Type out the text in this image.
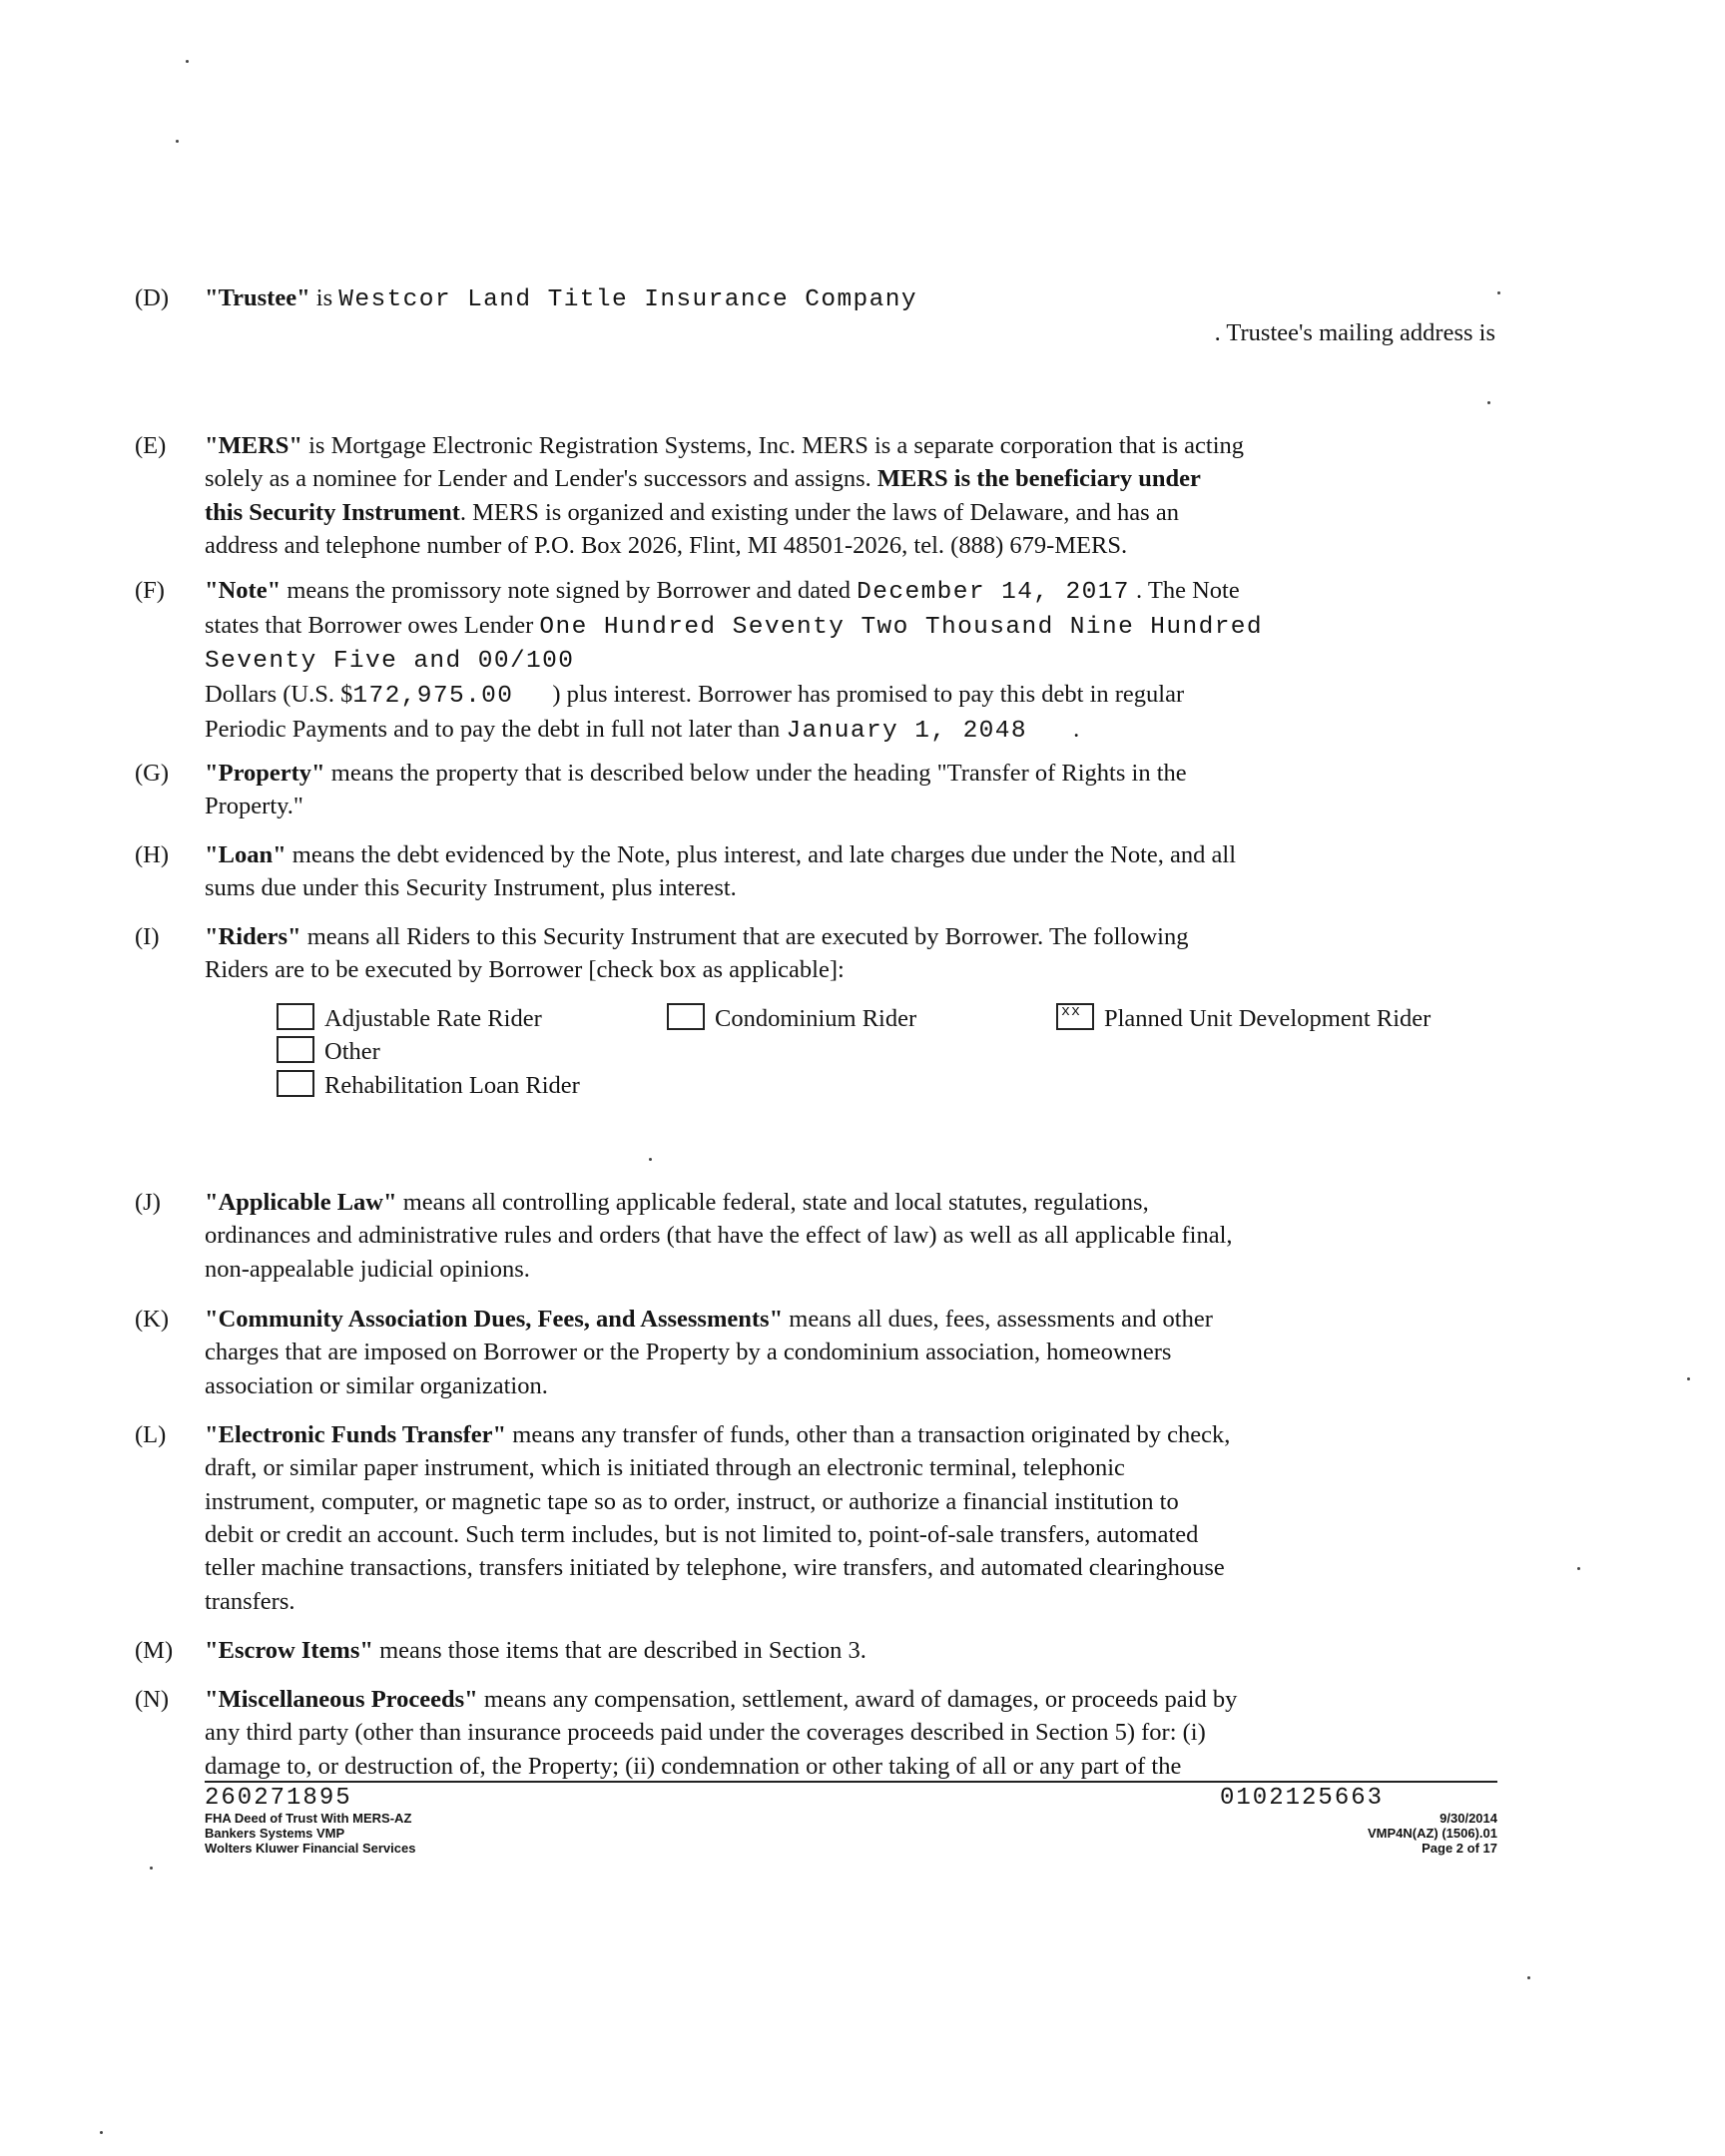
(D) "Trustee" is Westcor Land Title Insurance Company
. Trustee's mailing address is
(E) "MERS" is Mortgage Electronic Registration Systems, Inc. MERS is a separate corporation that is acting
solely as a nominee for Lender and Lender's successors and assigns. MERS is the beneficiary under
this Security Instrument. MERS is organized and existing under the laws of Delaware, and has an
address and telephone number of P.O. Box 2026, Flint, MI 48501-2026, tel. (888) 679-MERS.
(F) "Note" means the promissory note signed by Borrower and dated December 14, 2017 . The Note
states that Borrower owes Lender One Hundred Seventy Two Thousand Nine Hundred
Seventy Five and 00/100
Dollars (U.S. $172,975.00 ) plus interest. Borrower has promised to pay this debt in regular
Periodic Payments and to pay the debt in full not later than January 1, 2048 .
(G) "Property" means the property that is described below under the heading "Transfer of Rights in the
Property."
(H) "Loan" means the debt evidenced by the Note, plus interest, and late charges due under the Note, and all
sums due under this Security Instrument, plus interest.
(I) "Riders" means all Riders to this Security Instrument that are executed by Borrower. The following
Riders are to be executed by Borrower [check box as applicable]:
Adjustable Rate Rider	Condominium Rider	xx Planned Unit Development Rider
Other
Rehabilitation Loan Rider
(J) "Applicable Law" means all controlling applicable federal, state and local statutes, regulations,
ordinances and administrative rules and orders (that have the effect of law) as well as all applicable final,
non-appealable judicial opinions.
(K) "Community Association Dues, Fees, and Assessments" means all dues, fees, assessments and other
charges that are imposed on Borrower or the Property by a condominium association, homeowners
association or similar organization.
(L) "Electronic Funds Transfer" means any transfer of funds, other than a transaction originated by check,
draft, or similar paper instrument, which is initiated through an electronic terminal, telephonic
instrument, computer, or magnetic tape so as to order, instruct, or authorize a financial institution to
debit or credit an account. Such term includes, but is not limited to, point-of-sale transfers, automated
teller machine transactions, transfers initiated by telephone, wire transfers, and automated clearinghouse
transfers.
(M) "Escrow Items" means those items that are described in Section 3.
(N) "Miscellaneous Proceeds" means any compensation, settlement, award of damages, or proceeds paid by
any third party (other than insurance proceeds paid under the coverages described in Section 5) for: (i)
damage to, or destruction of, the Property; (ii) condemnation or other taking of all or any part of the
260271895
FHA Deed of Trust With MERS-AZ
Bankers Systems VMP
Wolters Kluwer Financial Services
0102125663
9/30/2014
VMP4N(AZ) (1506).01
Page 2 of 17
